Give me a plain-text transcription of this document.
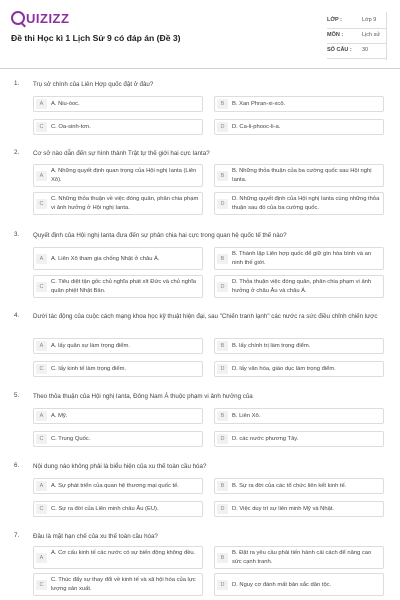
UIZIZZ
Đề thi Học kì 1 Lịch Sử 9 có đáp án (Đề 3)
LỚP :	Lớp 9
MÔN :	Lịch sử
SỐ CÂU : 30
1. Trụ sở chính của Liên Hợp quốc đặt ở đâu?
A	A. Niu-óoc.	B	B. Xan Phran-xi-xcô.
C	C. Oa-sinh-tơn.	D	D. Ca-li-phooc-li-a.
2. Cơ sở nào dẫn đến sự hình thành Trật tự thế giới hai cực Ianta?
A
A. Những quyết định quan trọng của Hội nghị Ianta (Liên Xô).
B
B. Những thỏa thuận của ba cường quốc sau Hội nghị Ianta.
C
C. Những thỏa thuận về việc đóng quân, phân chia phạm vi ảnh hưởng ở Hội nghị Ianta.
D
D. Những quyết định của Hội nghị Ianta cùng những thỏa thuận sau đó của ba cường quốc.
3. Quyết định của Hội nghị Ianta đưa đến sự phân chia hai cực trong quan hệ quốc tế thế nào?
A	A. Liên Xô tham gia chống Nhật ở châu Á.	B
B. Thành lập Liên hợp quốc để giữ gìn hòa bình và an ninh thế giới.
C
C. Tiêu diệt tận gốc chủ nghĩa phát xít Đức và chủ nghĩa quân phiệt Nhật Bản.
D
D. Thỏa thuận việc đóng quân, phân chia phạm vi ảnh hưởng ở châu Âu và châu Á.
4. Dưới tác động của cuộc cách mạng khoa học kỹ thuật hiện đại, sau "Chiến tranh lạnh" các nước ra sức điều chỉnh chiến lược
A	A. lấy quân sự làm trọng điểm.	B	B. lấy chính trị làm trọng điểm.
C	C. lấy kinh tế làm trọng điểm.	D	D. lấy văn hóa, giáo dục làm trọng điểm.
5. Theo thỏa thuận của Hội nghị Ianta, Đông Nam Á thuộc phạm vi ảnh hưởng của
A	A. Mỹ.	B	B. Liên Xô.
C	C. Trung Quốc.	D	D. các nước phương Tây.
6. Nội dung nào không phải là biểu hiện của xu thế toàn cầu hóa?
A	A. Sự phát triển của quan hệ thương mại quốc tế.	B	B. Sự ra đời của các tổ chức liên kết kinh tế.
C	C. Sự ra đời của Liên minh châu Âu (EU).	D	D. Việc duy trì sự liên minh Mỹ và Nhật.
7. Đâu là mặt hạn chế của xu thế toàn cầu hóa?
A
A. Cơ cấu kinh tế các nước có sự biến động không đều.
B
B. Đặt ra yêu cầu phải tiến hành cải cách để nâng cao sức cạnh tranh.
C
C. Thúc đẩy sự thay đổi về kinh tế và xã hội hóa của lực lượng sản xuất.
D	D. Nguy cơ đánh mất bản sắc dân tộc.
